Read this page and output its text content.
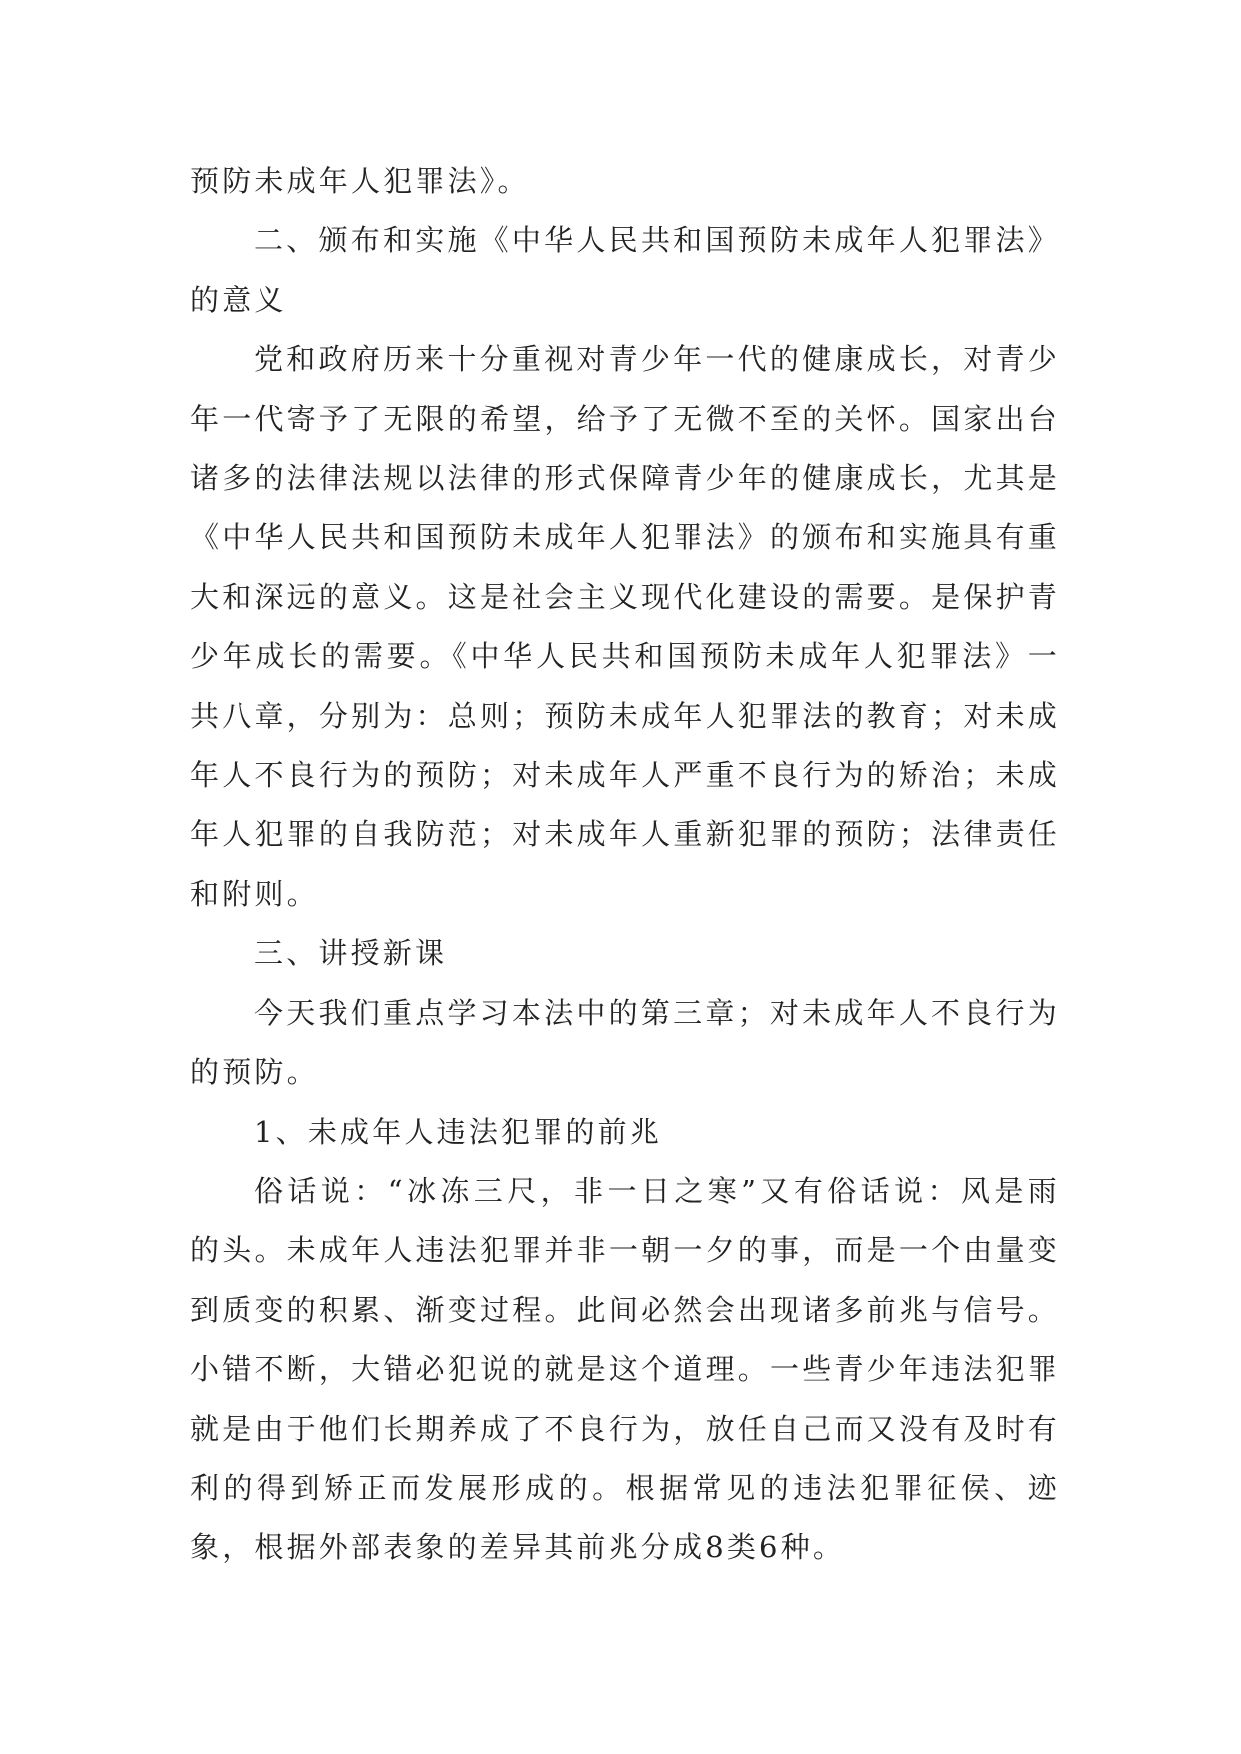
预防未成年人犯罪法》。

二、颁布和实施《中华人民共和国预防未成年人犯罪法》的意义

党和政府历来十分重视对青少年一代的健康成长，对青少年一代寄予了无限的希望，给予了无微不至的关怀。国家出台诸多的法律法规以法律的形式保障青少年的健康成长，尤其是《中华人民共和国预防未成年人犯罪法》的颁布和实施具有重大和深远的意义。这是社会主义现代化建设的需要。是保护青少年成长的需要。《中华人民共和国预防未成年人犯罪法》一共八章，分别为：总则；预防未成年人犯罪法的教育；对未成年人不良行为的预防；对未成年人严重不良行为的矫治；未成年人犯罪的自我防范；对未成年人重新犯罪的预防；法律责任和附则。

三、讲授新课

今天我们重点学习本法中的第三章；对未成年人不良行为的预防。

1、未成年人违法犯罪的前兆

俗话说：“冰冻三尺，非一日之寒”又有俗话说：风是雨的头。未成年人违法犯罪并非一朝一夕的事，而是一个由量变到质变的积累、渐变过程。此间必然会出现诸多前兆与信号。小错不断，大错必犯说的就是这个道理。一些青少年违法犯罪就是由于他们长期养成了不良行为，放任自己而又没有及时有利的得到矫正而发展形成的。根据常见的违法犯罪征侯、迹象，根据外部表象的差异其前兆分成8类6种。
